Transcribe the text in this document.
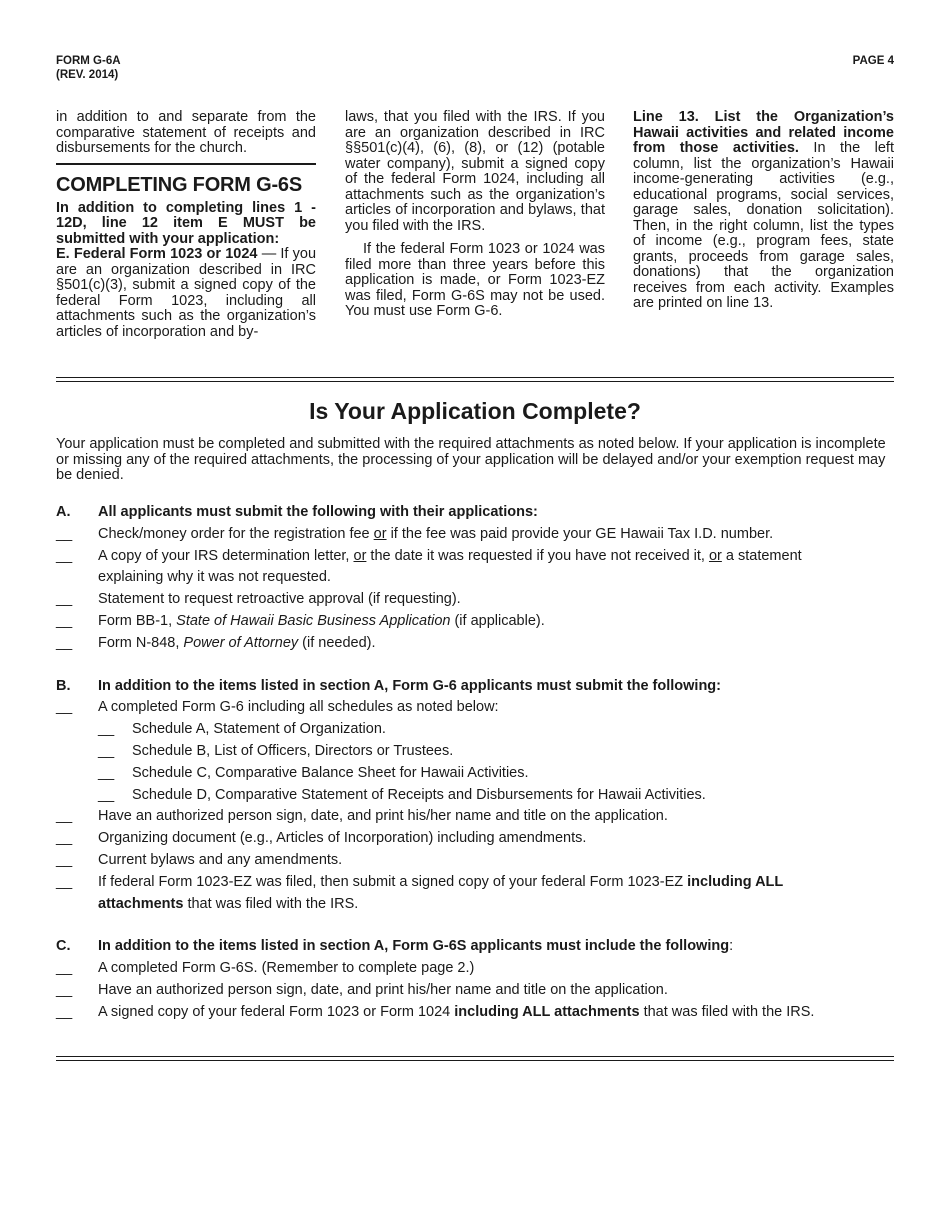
FORM G-6A
(REV. 2014)
PAGE 4

in addition to and separate from the comparative statement of receipts and disbursements for the church.

COMPLETING FORM G-6S

In addition to completing lines 1 - 12D, line 12 item E MUST be submitted with your application:

E. Federal Form 1023 or 1024 — If you are an organization described in IRC §501(c)(3), submit a signed copy of the federal Form 1023, including all attachments such as the organization’s articles of incorporation and by-

laws, that you filed with the IRS. If you are an organization described in IRC §§501(c)(4), (6), (8), or (12) (potable water company), submit a signed copy of the federal Form 1024, including all attachments such as the organization’s articles of incorporation and bylaws, that you filed with the IRS.

If the federal Form 1023 or 1024 was filed more than three years before this application is made, or Form 1023-EZ was filed, Form G-6S may not be used. You must use Form G-6.

Line 13. List the Organization’s Hawaii activities and related income from those activities. In the left column, list the organization’s Hawaii income-generating activities (e.g., educational programs, social services, garage sales, donation solicitation). Then, in the right column, list the types of income (e.g., program fees, state grants, proceeds from garage sales, donations) that the organization receives from each activity. Examples are printed on line 13.

Is Your Application Complete?
Your application must be completed and submitted with the required attachments as noted below. If your application is incomplete or missing any of the required attachments, the processing of your application will be delayed and/or your exemption request may be denied.
A. All applicants must submit the following with their applications:
__ Check/money order for the registration fee or if the fee was paid provide your GE Hawaii Tax I.D. number.
__ A copy of your IRS determination letter, or the date it was requested if you have not received it, or a statement
explaining why it was not requested.
__ Statement to request retroactive approval (if requesting).
__ Form BB-1, State of Hawaii Basic Business Application (if applicable).
__ Form N-848, Power of Attorney (if needed).
B. In addition to the items listed in section A, Form G-6 applicants must submit the following:
__ A completed Form G-6 including all schedules as noted below:
__ Schedule A, Statement of Organization.
__ Schedule B, List of Officers, Directors or Trustees.
__ Schedule C, Comparative Balance Sheet for Hawaii Activities.
__ Schedule D, Comparative Statement of Receipts and Disbursements for Hawaii Activities.
__ Have an authorized person sign, date, and print his/her name and title on the application.
__ Organizing document (e.g., Articles of Incorporation) including amendments.
__ Current bylaws and any amendments.
__ If federal Form 1023-EZ was filed, then submit a signed copy of your federal Form 1023-EZ including ALL
attachments that was filed with the IRS.
C. In addition to the items listed in section A, Form G-6S applicants must include the following:
__ A completed Form G-6S. (Remember to complete page 2.)
__ Have an authorized person sign, date, and print his/her name and title on the application.
__ A signed copy of your federal Form 1023 or Form 1024 including ALL attachments that was filed with the IRS.
